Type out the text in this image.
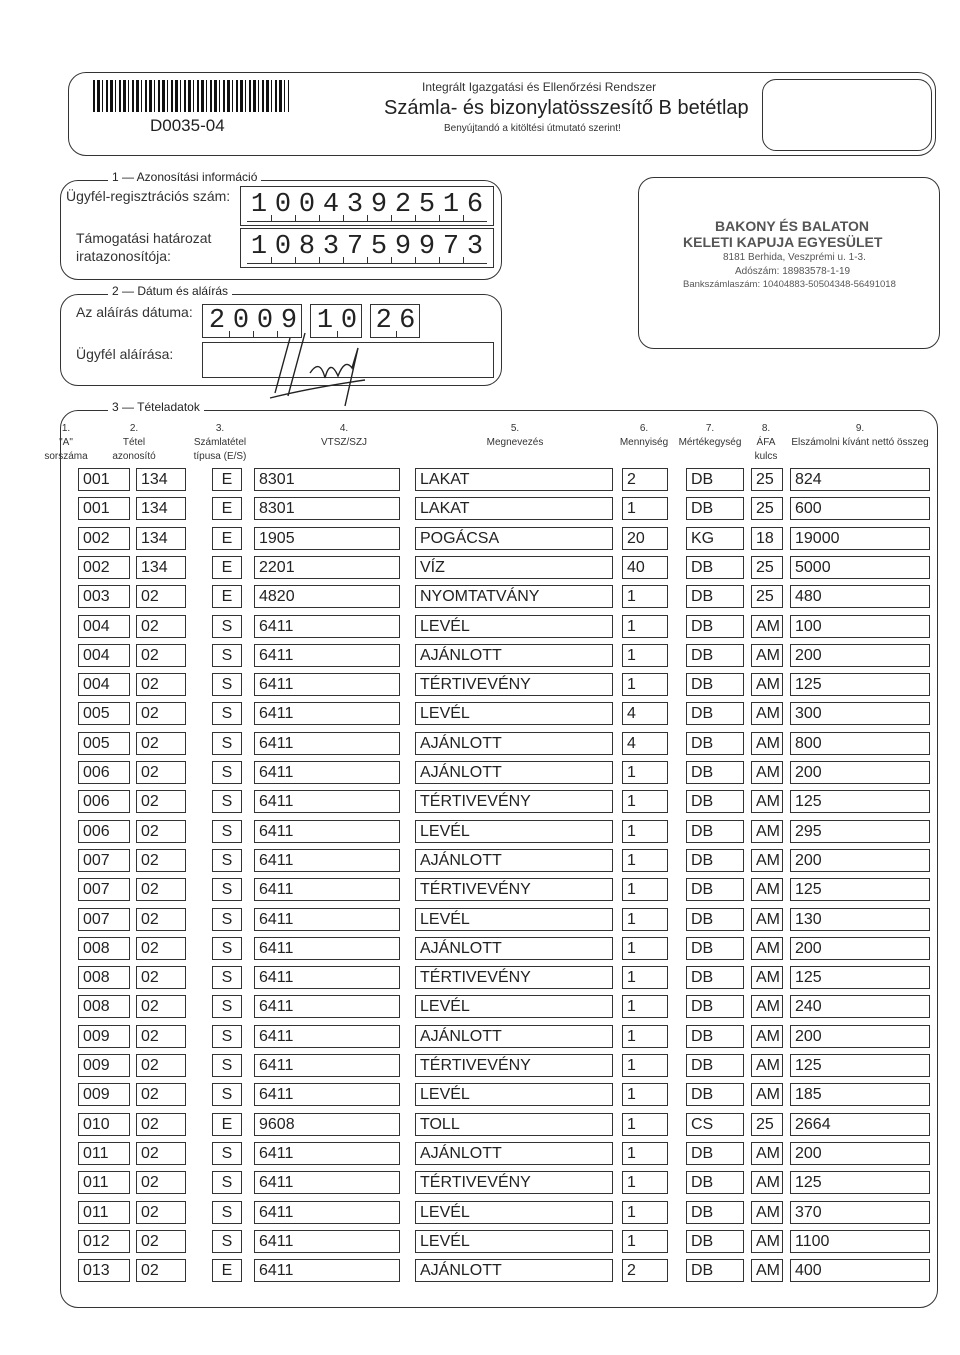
D0035-04
Integrált Igazgatási és Ellenőrzési Rendszer
Számla- és bizonylatösszesítő B betétlap
Benyújtandó a kitöltési útmutató szerint!
1 — Azonosítási információ
Ügyfél-regisztrációs szám: 1 0 0 4 3 9 2 5 1 6
Támogatási határozat
iratazonosítója:	1 0 8 3 7 5 9 9 7 3
2 — Dátum és aláírás
Az aláírás dátuma: 2 0 0 9 1 0 2 6
Ügyfél aláírása:
BAKONY ÉS BALATON
KELETI KAPUJA EGYESÜLET
8181 Berhida, Veszprémi u. 1-3.
Adószám: 18983578-1-19
Bankszámlaszám: 10404883-50504348-56491018
3 — Tételadatok
1.
"A"
sorszáma
2.
Tétel
azonosító
3.
Számlatétel
típusa (E/S)
4.
VTSZ/SZJ

5.
Megnevezés

6.
Mennyiség

7.
Mértékegység

8.
ÁFA
kulcs
9.
Elszámolni kívánt nettó összeg

001	134	E	8301	LAKAT	2	DB	25	824
001	134	E	8301	LAKAT	1	DB	25	600
002	134	E	1905	POGÁCSA	20	KG	18	19000
002	134	E	2201	VÍZ	40	DB	25	5000
003	02	E	4820	NYOMTATVÁNY	1	DB	25	480
004	02	S	6411	LEVÉL	1	DB	AM 100
004	02	S	6411	AJÁNLOTT	1	DB	AM 200
004	02	S	6411	TÉRTIVEVÉNY	1	DB	AM 125
005	02	S	6411	LEVÉL	4	DB	AM 300
005	02	S	6411	AJÁNLOTT	4	DB	AM 800
006	02	S	6411	AJÁNLOTT	1	DB	AM 200
006	02	S	6411	TÉRTIVEVÉNY	1	DB	AM 125
006	02	S	6411	LEVÉL	1	DB	AM 295
007	02	S	6411	AJÁNLOTT	1	DB	AM 200
007	02	S	6411	TÉRTIVEVÉNY	1	DB	AM 125
007	02	S	6411	LEVÉL	1	DB	AM 130
008	02	S	6411	AJÁNLOTT	1	DB	AM 200
008	02	S	6411	TÉRTIVEVÉNY	1	DB	AM 125
008	02	S	6411	LEVÉL	1	DB	AM 240
009	02	S	6411	AJÁNLOTT	1	DB	AM 200
009	02	S	6411	TÉRTIVEVÉNY	1	DB	AM 125
009	02	S	6411	LEVÉL	1	DB	AM 185
010	02	E	9608	TOLL	1	CS	25	2664
011	02	S	6411	AJÁNLOTT	1	DB	AM 200
011	02	S	6411	TÉRTIVEVÉNY	1	DB	AM 125
011	02	S	6411	LEVÉL	1	DB	AM 370
012	02	S	6411	LEVÉL	1	DB	AM 1100
013	02	E	6411	AJÁNLOTT	2	DB	AM 400
